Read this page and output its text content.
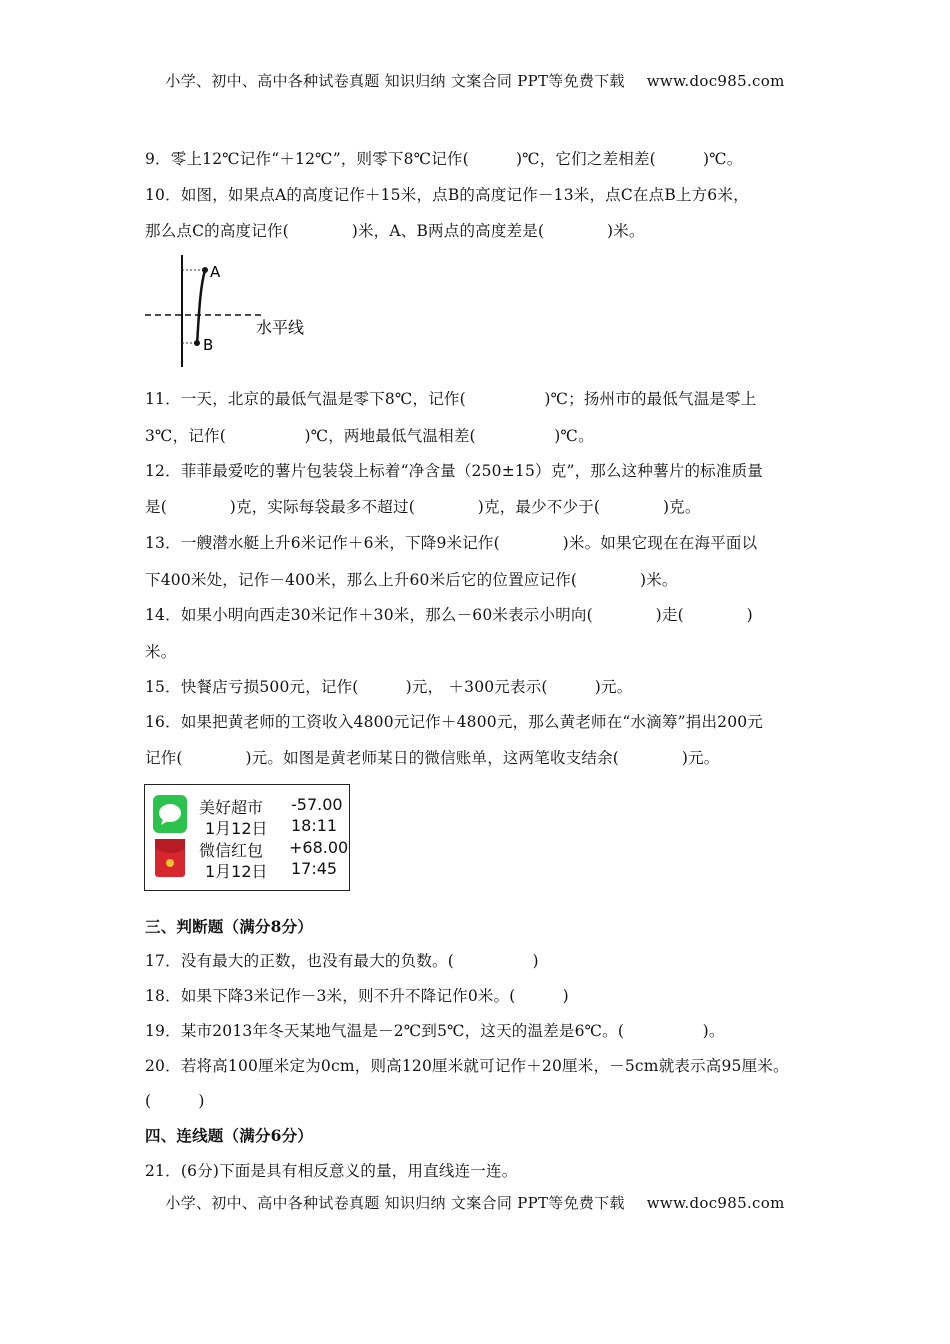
小学、初中、高中各种试卷真题 知识归纳 文案合同 PPT等免费下载 www.doc985.com
9．零上12℃记作“＋12℃”，则零下8℃记作(　　　)℃，它们之差相差(　　　)℃。
10．如图，如果点A的高度记作＋15米，点B的高度记作－13米，点C在点B上方6米，
那么点C的高度记作(　　　　)米，A、B两点的高度差是(　　　　)米。
A
B
水平线
11．一天，北京的最低气温是零下8℃，记作(　　　　　)℃；扬州市的最低气温是零上
3℃，记作(　　　　　)℃，两地最低气温相差(　　　　　)℃。
12．菲菲最爱吃的薯片包装袋上标着“净含量（250±15）克”，那么这种薯片的标准质量
是(　　　　)克，实际每袋最多不超过(　　　　)克，最少不少于(　　　　)克。
13．一艘潜水艇上升6米记作＋6米，下降9米记作(　　　　)米。如果它现在在海平面以
下400米处，记作－400米，那么上升60米后它的位置应记作(　　　　)米。
14．如果小明向西走30米记作＋30米，那么－60米表示小明向(　　　　)走(　　　　)
米。
15．快餐店亏损500元，记作(　　　)元， ＋300元表示(　　　)元。
16．如果把黄老师的工资收入4800元记作＋4800元，那么黄老师在“水滴筹”捐出200元
记作(　　　　)元。如图是黄老师某日的微信账单，这两笔收支结余(　　　　)元。
美好超市 -57.00
1月12日 18:11
微信红包 +68.00
1月12日 17:45
三、判断题（满分8分）
17．没有最大的正数，也没有最大的负数。(　　　　　)
18．如果下降3米记作－3米，则不升不降记作0米。(　　　)
19．某市2013年冬天某地气温是－2℃到5℃，这天的温差是6℃。(　　　　　)。
20．若将高100厘米定为0cm，则高120厘米就可记作＋20厘米，－5cm就表示高95厘米。
(　　　)
四、连线题（满分6分）
21．(6分)下面是具有相反意义的量，用直线连一连。
小学、初中、高中各种试卷真题 知识归纳 文案合同 PPT等免费下载 www.doc985.com
